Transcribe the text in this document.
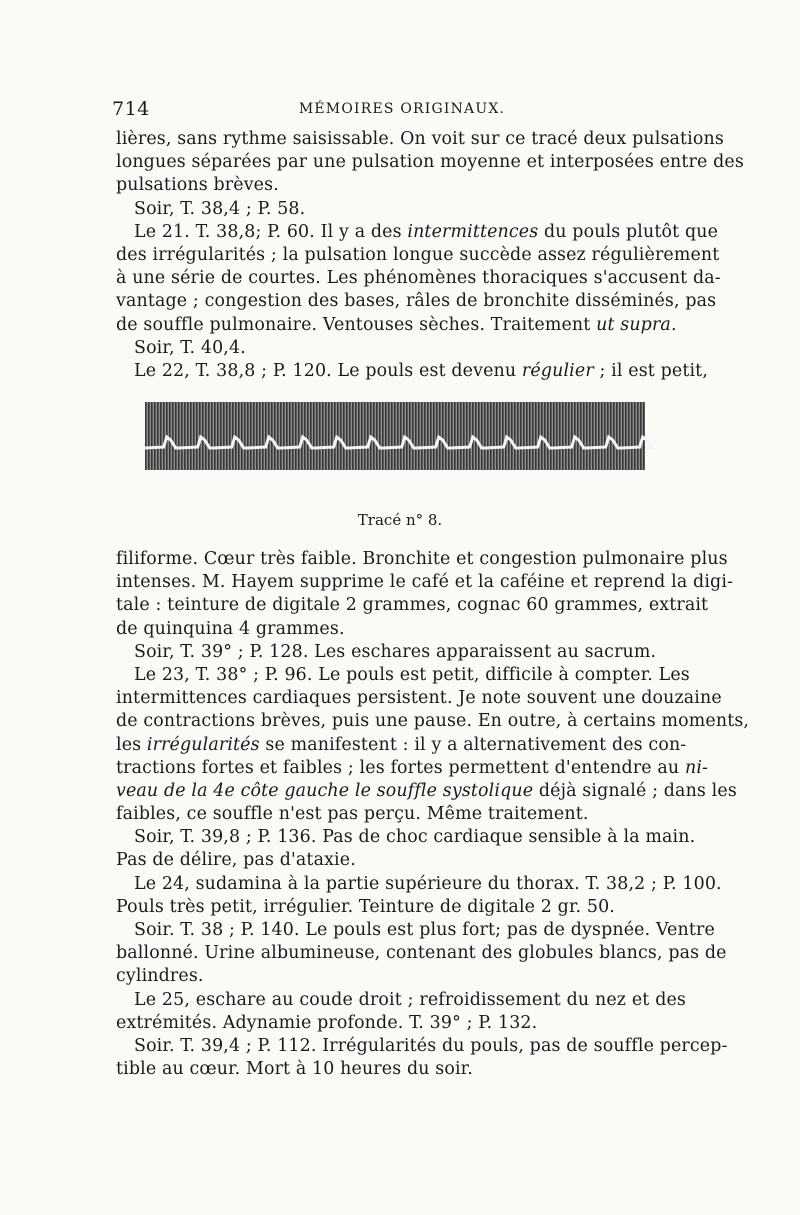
714	MÉMOIRES ORIGINAUX.
lières, sans rythme saisissable. On voit sur ce tracé deux pulsations
longues séparées par une pulsation moyenne et interposées entre des
pulsations brèves.
Soir, T. 38,4 ; P. 58.
Le 21. T. 38,8; P. 60. Il y a des intermittences du pouls plutôt que
des irrégularités ; la pulsation longue succède assez régulièrement
à une série de courtes. Les phénomènes thoraciques s'accusent da-
vantage ; congestion des bases, râles de bronchite disséminés, pas
de souffle pulmonaire. Ventouses sèches. Traitement ut supra.
Soir, T. 40,4.
Le 22, T. 38,8 ; P. 120. Le pouls est devenu régulier ; il est petit,
Tracé n° 8.
filiforme. Cœur très faible. Bronchite et congestion pulmonaire plus
intenses. M. Hayem supprime le café et la caféine et reprend la digi-
tale : teinture de digitale 2 grammes, cognac 60 grammes, extrait
de quinquina 4 grammes.
Soir, T. 39° ; P. 128. Les eschares apparaissent au sacrum.
Le 23, T. 38° ; P. 96. Le pouls est petit, difficile à compter. Les
intermittences cardiaques persistent. Je note souvent une douzaine
de contractions brèves, puis une pause. En outre, à certains moments,
les irrégularités se manifestent : il y a alternativement des con-
tractions fortes et faibles ; les fortes permettent d'entendre au ni-
veau de la 4e côte gauche le souffle systolique déjà signalé ; dans les
faibles, ce souffle n'est pas perçu. Même traitement.
Soir, T. 39,8 ; P. 136. Pas de choc cardiaque sensible à la main.
Pas de délire, pas d'ataxie.
Le 24, sudamina à la partie supérieure du thorax. T. 38,2 ; P. 100.
Pouls très petit, irrégulier. Teinture de digitale 2 gr. 50.
Soir. T. 38 ; P. 140. Le pouls est plus fort; pas de dyspnée. Ventre
ballonné. Urine albumineuse, contenant des globules blancs, pas de
cylindres.
Le 25, eschare au coude droit ; refroidissement du nez et des
extrémités. Adynamie profonde. T. 39° ; P. 132.
Soir. T. 39,4 ; P. 112. Irrégularités du pouls, pas de souffle percep-
tible au cœur. Mort à 10 heures du soir.
